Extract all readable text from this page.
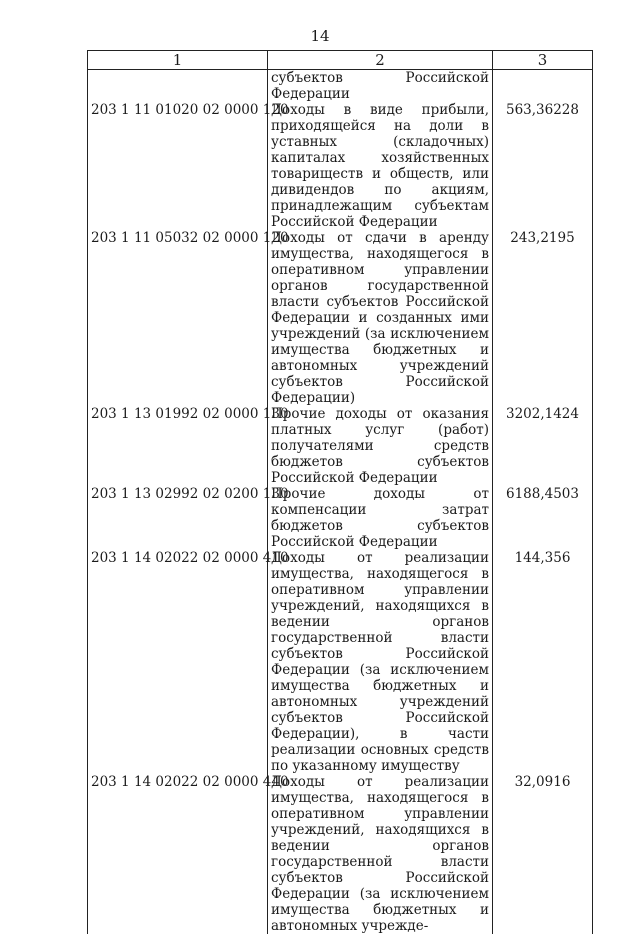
14
1	2	3
	субъектов Российской Федерации	
203 1 11 01020 02 0000 120	Доходы в виде прибыли, приходящейся на доли в уставных (складочных) капиталах хозяйственных товариществ и обществ, или дивидендов по акциям, принадлежащим субъектам Российской Федерации	563,36228
203 1 11 05032 02 0000 120	Доходы от сдачи в аренду имущества, находящегося в оперативном управлении органов государственной власти субъектов Российской Федерации и созданных ими учреждений (за исключением имущества бюджетных и автономных учреждений субъектов Российской Федерации)	243,2195
203 1 13 01992 02 0000 130	Прочие доходы от оказания платных услуг (работ) получателями средств бюджетов субъектов Российской Федерации	3202,1424
203 1 13 02992 02 0200 130	Прочие доходы от компенсации затрат бюджетов субъектов Российской Федерации	6188,4503
203 1 14 02022 02 0000 410	Доходы от реализации имущества, находящегося в оперативном управлении учреждений, находящихся в ведении органов государственной власти субъектов Российской Федерации (за исключением имущества бюджетных и автономных учреждений субъектов Российской Федерации), в части реализации основных средств по указанному имуществу	144,356
203 1 14 02022 02 0000 440	Доходы от реализации имущества, находящегося в оперативном управлении учреждений, находящихся в ведении органов государственной власти субъектов Российской Федерации (за исключением имущества бюджетных и автономных учрежде-	32,0916
